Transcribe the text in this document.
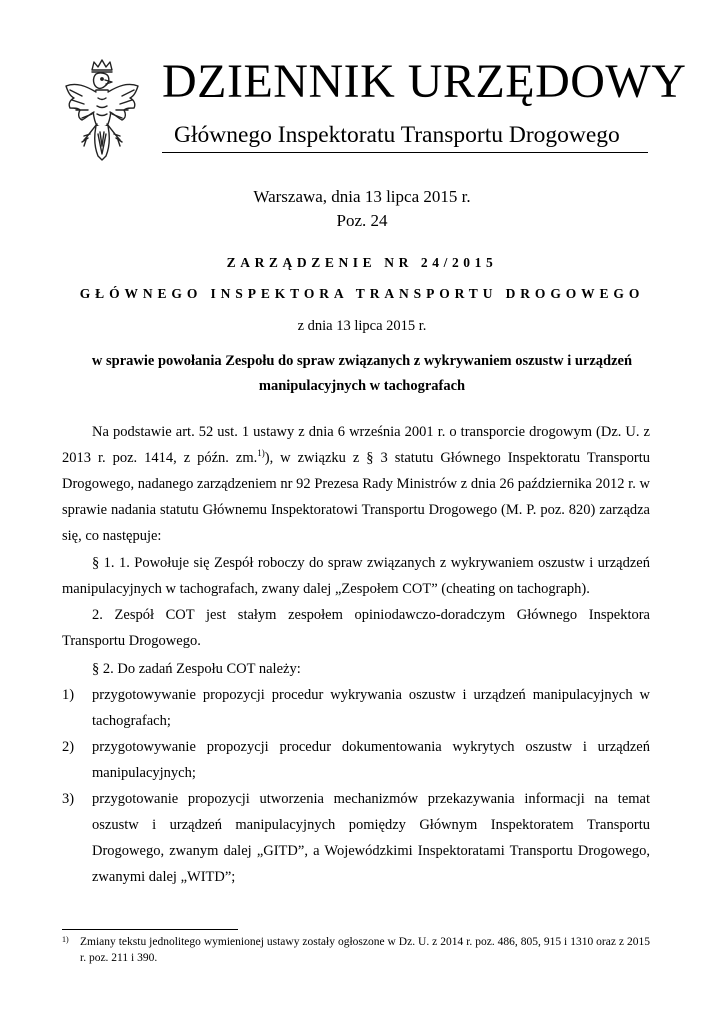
DZIENNIK URZĘDOWY
Głównego Inspektoratu Transportu Drogowego
Warszawa, dnia 13 lipca 2015 r.
Poz. 24
ZARZĄDZENIE NR 24/2015
GŁÓWNEGO INSPEKTORA TRANSPORTU DROGOWEGO
z dnia 13 lipca 2015 r.
w sprawie powołania Zespołu do spraw związanych z wykrywaniem oszustw i urządzeń manipulacyjnych w tachografach

Na podstawie art. 52 ust. 1 ustawy z dnia 6 września 2001 r. o transporcie drogowym (Dz. U. z 2013 r. poz. 1414, z późn. zm.$^{1)}$), w związku z § 3 statutu Głównego Inspektoratu Transportu Drogowego, nadanego zarządzeniem nr 92 Prezesa Rady Ministrów z dnia 26 października 2012 r. w sprawie nadania statutu Głównemu Inspektoratowi Transportu Drogowego (M. P. poz. 820) zarządza się, co następuje:

§ 1. 1. Powołuje się Zespół roboczy do spraw związanych z wykrywaniem oszustw i urządzeń manipulacyjnych w tachografach, zwany dalej „Zespołem COT” (cheating on tachograph).

2. Zespół COT jest stałym zespołem opiniodawczo-doradczym Głównego Inspektora Transportu Drogowego.

§ 2. Do zadań Zespołu COT należy:

1) przygotowywanie propozycji procedur wykrywania oszustw i urządzeń manipulacyjnych w tachografach;
2) przygotowywanie propozycji procedur dokumentowania wykrytych oszustw i urządzeń manipulacyjnych;
3) przygotowanie propozycji utworzenia mechanizmów przekazywania informacji na temat oszustw i urządzeń manipulacyjnych pomiędzy Głównym Inspektoratem Transportu Drogowego, zwanym dalej „GITD”, a Wojewódzkimi Inspektoratami Transportu Drogowego, zwanymi dalej „WITD”;
1) Zmiany tekstu jednolitego wymienionej ustawy zostały ogłoszone w Dz. U. z 2014 r. poz. 486, 805, 915 i 1310 oraz z 2015 r. poz. 211 i 390.
